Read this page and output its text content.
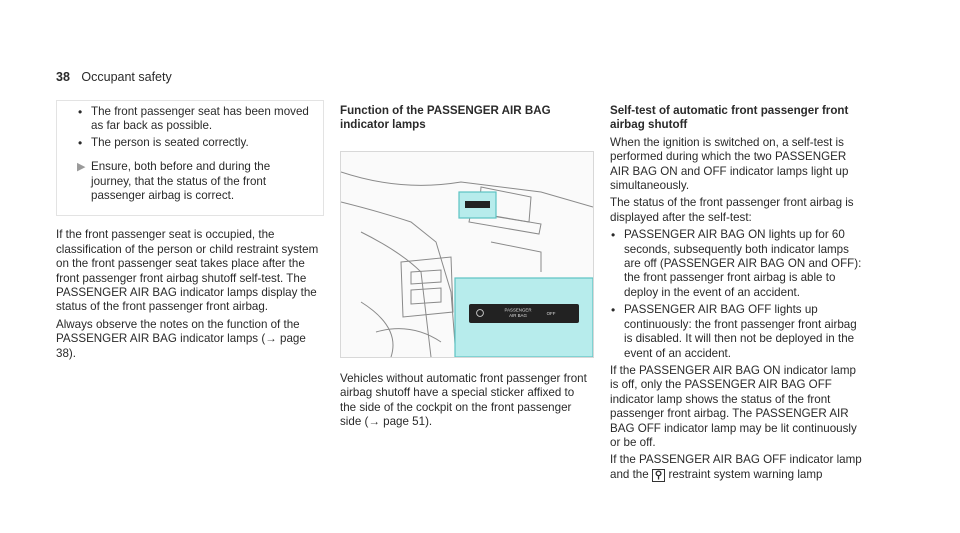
38 Occupant safety
• The front passenger seat has been moved as far back as possible.
• The person is seated correctly.
▶ Ensure, both before and during the journey, that the status of the front passenger airbag is correct.

If the front passenger seat is occupied, the classification of the person or child restraint system on the front passenger seat takes place after the front passenger front airbag shutoff self-test. The PASSENGER AIR BAG indicator lamps display the status of the front passenger front airbag.

Always observe the notes on the function of the PASSENGER AIR BAG indicator lamps (→ page 38).

Function of the PASSENGER AIR BAG indicator lamps

PASSENGER
AIR BAG	OFF

Vehicles without automatic front passenger front airbag shutoff have a special sticker affixed to the side of the cockpit on the front passenger side (→ page 51).

Self-test of automatic front passenger front airbag shutoff

When the ignition is switched on, a self-test is performed during which the two PASSENGER AIR BAG ON and OFF indicator lamps light up simultaneously.

The status of the front passenger front airbag is displayed after the self-test:

• PASSENGER AIR BAG ON lights up for 60 seconds, subsequently both indicator lamps are off (PASSENGER AIR BAG ON and OFF): the front passenger front airbag is able to deploy in the event of an accident.
• PASSENGER AIR BAG OFF lights up continuously: the front passenger front airbag is disabled. It will then not be deployed in the event of an accident.

If the PASSENGER AIR BAG ON indicator lamp is off, only the PASSENGER AIR BAG OFF indicator lamp shows the status of the front passenger front airbag. The PASSENGER AIR BAG OFF indicator lamp may be lit continuously or be off.

If the PASSENGER AIR BAG OFF indicator lamp and the ⚲ restraint system warning lamp
